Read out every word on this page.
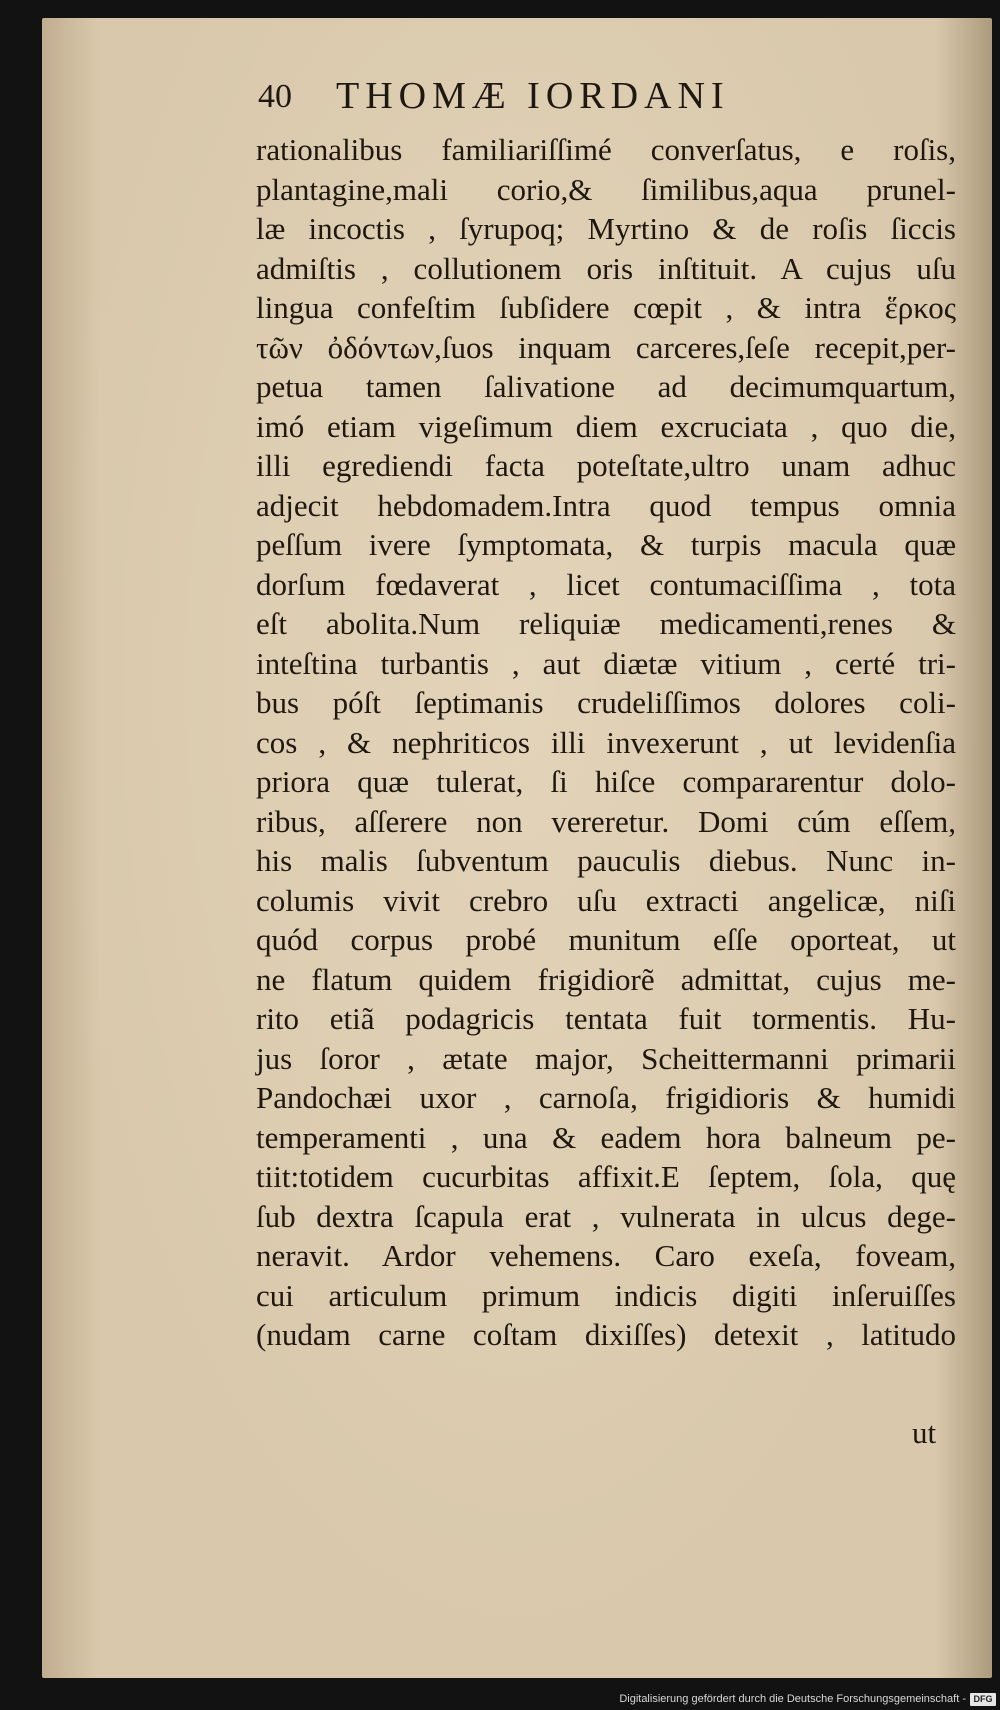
40 THOMÆ IORDANI
rationalibus familiariſſimé converſatus, e roſis,
plantagine,mali corio,& ſimilibus,aqua prunel-
læ incoctis , ſyrupoq; Myrtino & de roſis ſiccis
admiſtis , collutionem oris inſtituit. A cujus uſu
lingua confeſtim ſubſidere cœpit , & intra ἕρκος
τῶν ὀδόντων,ſuos inquam carceres,ſeſe recepit,per-
petua tamen ſalivatione ad decimumquartum,
imó etiam vigeſimum diem excruciata , quo die,
illi egrediendi facta poteſtate,ultro unam adhuc
adjecit hebdomadem.Intra quod tempus omnia
peſſum ivere ſymptomata, & turpis macula quæ
dorſum fœdaverat , licet contumaciſſima , tota
eſt abolita.Num reliquiæ medicamenti,renes &
inteſtina turbantis , aut diætæ vitium , certé tri-
bus póſt ſeptimanis crudeliſſimos dolores coli-
cos , & nephriticos illi invexerunt , ut levidenſia
priora quæ tulerat, ſi hiſce compararentur dolo-
ribus, aſſerere non vereretur. Domi cúm eſſem,
his malis ſubventum pauculis diebus. Nunc in-
columis vivit crebro uſu extracti angelicæ, niſi
quód corpus probé munitum eſſe oporteat, ut
ne flatum quidem frigidiorẽ admittat, cujus me-
rito etiã podagricis tentata fuit tormentis. Hu-
jus ſoror , ætate major, Scheittermanni primarii
Pandochæi uxor , carnoſa, frigidioris & humidi
temperamenti , una & eadem hora balneum pe-
tiit:totidem cucurbitas affixit.E ſeptem, ſola, quę
ſub dextra ſcapula erat , vulnerata in ulcus dege-
neravit. Ardor vehemens. Caro exeſa, foveam,
cui articulum primum indicis digiti inſeruiſſes
(nudam carne coſtam dixiſſes) detexit , latitudo
ut
Digitalisierung gefördert durch die Deutsche Forschungsgemeinschaft - DFG
